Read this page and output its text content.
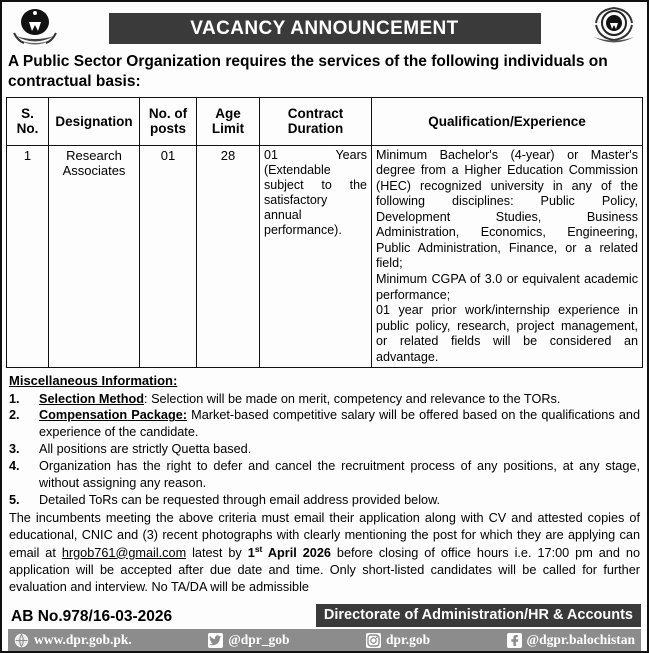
VACANCY ANNOUNCEMENT
A Public Sector Organization requires the services of the following individuals on contractual basis:
S. No.	Designation	No. of posts	Age Limit	Contract Duration	Qualification/Experience
1	Research Associates	01	28	01 Years (Extendable subject to the satisfactory annual performance).	Minimum Bachelor's (4-year) or Master's degree from a Higher Education Commission (HEC) recognized university in any of the following disciplines: Public Policy, Development Studies, Business Administration, Economics, Engineering, Public Administration, Finance, or a related field;

Minimum CGPA of 3.0 or equivalent academic performance;

01 year prior work/internship experience in public policy, research, project management, or related fields will be considered an advantage.

Miscellaneous Information:
1.	Selection Method: Selection will be made on merit, competency and relevance to the TORs.
2.	Compensation Package: Market-based competitive salary will be offered based on the qualifications and experience of the candidate.
3.	All positions are strictly Quetta based.
4.	Organization has the right to defer and cancel the recruitment process of any positions, at any stage, without assigning any reason.
5.	Detailed ToRs can be requested through email address provided below.
The incumbents meeting the above criteria must email their application along with CV and attested copies of educational, CNIC and (3) recent photographs with clearly mentioning the post for which they are applying can email at hrgob761@gmail.com latest by 1st April 2026 before closing of office hours i.e. 17:00 pm and no application will be accepted after due date and time. Only short-listed candidates will be called for further evaluation and interview. No TA/DA will be admissible
AB No.978/16-03-2026	Directorate of Administration/HR & Accounts
www.dpr.gob.pk.	@dpr_gob	dpr.gob	@dgpr.balochistan
